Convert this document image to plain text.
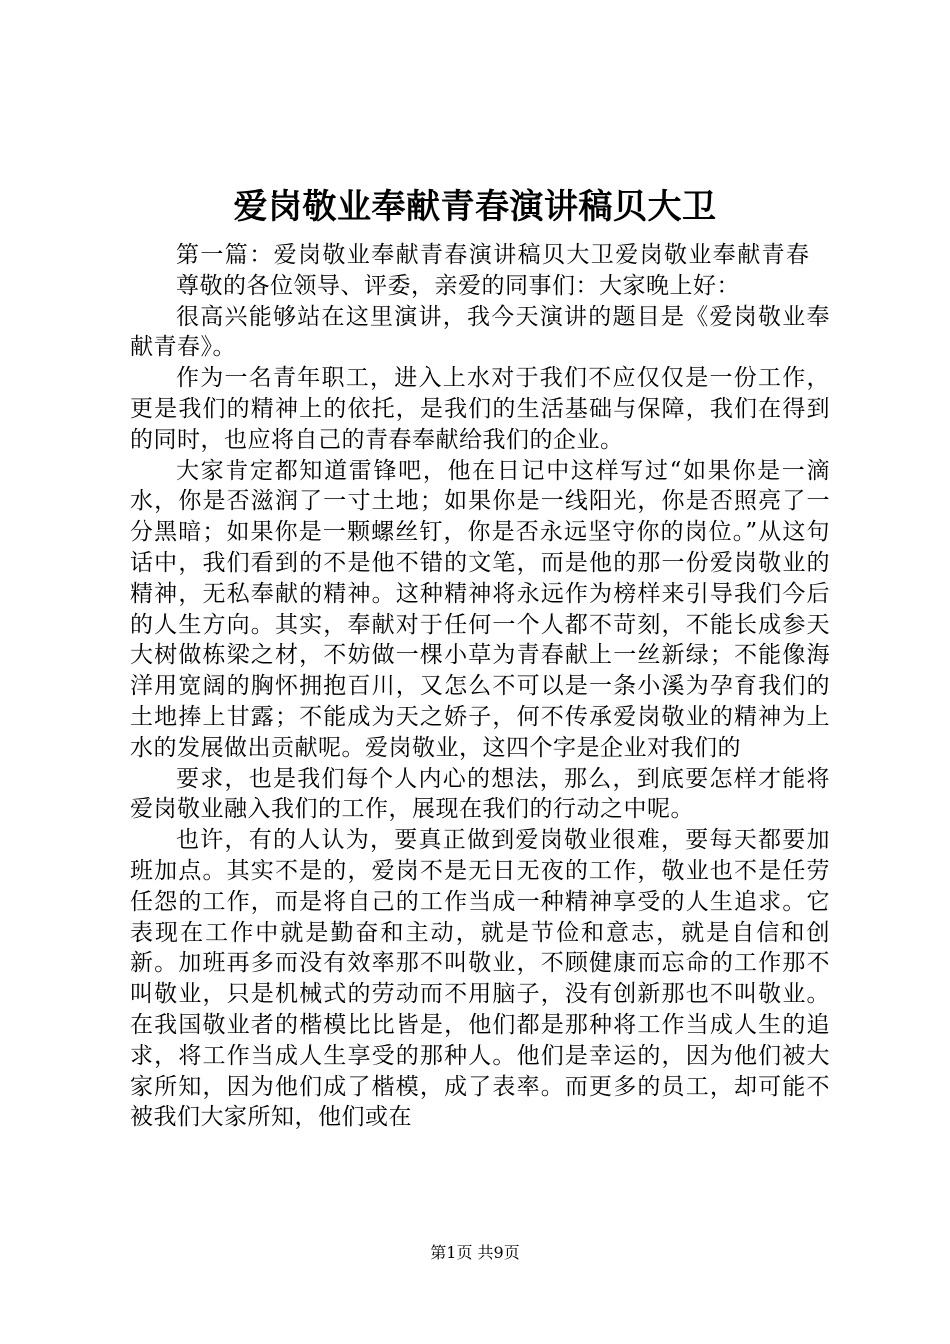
爱岗敬业奉献青春演讲稿贝大卫

第一篇：爱岗敬业奉献青春演讲稿贝大卫爱岗敬业奉献青春

尊敬的各位领导、评委，亲爱的同事们：大家晚上好：

很高兴能够站在这里演讲，我今天演讲的题目是《爱岗敬业奉献青春》。

作为一名青年职工，进入上水对于我们不应仅仅是一份工作，更是我们的精神上的依托，是我们的生活基础与保障，我们在得到的同时，也应将自己的青春奉献给我们的企业。

大家肯定都知道雷锋吧，他在日记中这样写过“如果你是一滴水，你是否滋润了一寸土地；如果你是一线阳光，你是否照亮了一分黑暗；如果你是一颗螺丝钉，你是否永远坚守你的岗位。”从这句话中，我们看到的不是他不错的文笔，而是他的那一份爱岗敬业的精神，无私奉献的精神。这种精神将永远作为榜样来引导我们今后的人生方向。其实，奉献对于任何一个人都不苛刻，不能长成参天大树做栋梁之材，不妨做一棵小草为青春献上一丝新绿；不能像海洋用宽阔的胸怀拥抱百川，又怎么不可以是一条小溪为孕育我们的土地捧上甘露；不能成为天之娇子，何不传承爱岗敬业的精神为上水的发展做出贡献呢。爱岗敬业，这四个字是企业对我们的

要求，也是我们每个人内心的想法，那么，到底要怎样才能将爱岗敬业融入我们的工作，展现在我们的行动之中呢。

也许，有的人认为，要真正做到爱岗敬业很难，要每天都要加班加点。其实不是的，爱岗不是无日无夜的工作，敬业也不是任劳任怨的工作，而是将自己的工作当成一种精神享受的人生追求。它表现在工作中就是勤奋和主动，就是节俭和意志，就是自信和创新。加班再多而没有效率那不叫敬业，不顾健康而忘命的工作那不叫敬业，只是机械式的劳动而不用脑子，没有创新那也不叫敬业。在我国敬业者的楷模比比皆是，他们都是那种将工作当成人生的追求，将工作当成人生享受的那种人。他们是幸运的，因为他们被大家所知，因为他们成了楷模，成了表率。而更多的员工，却可能不被我们大家所知，他们或在

第1页 共9页
